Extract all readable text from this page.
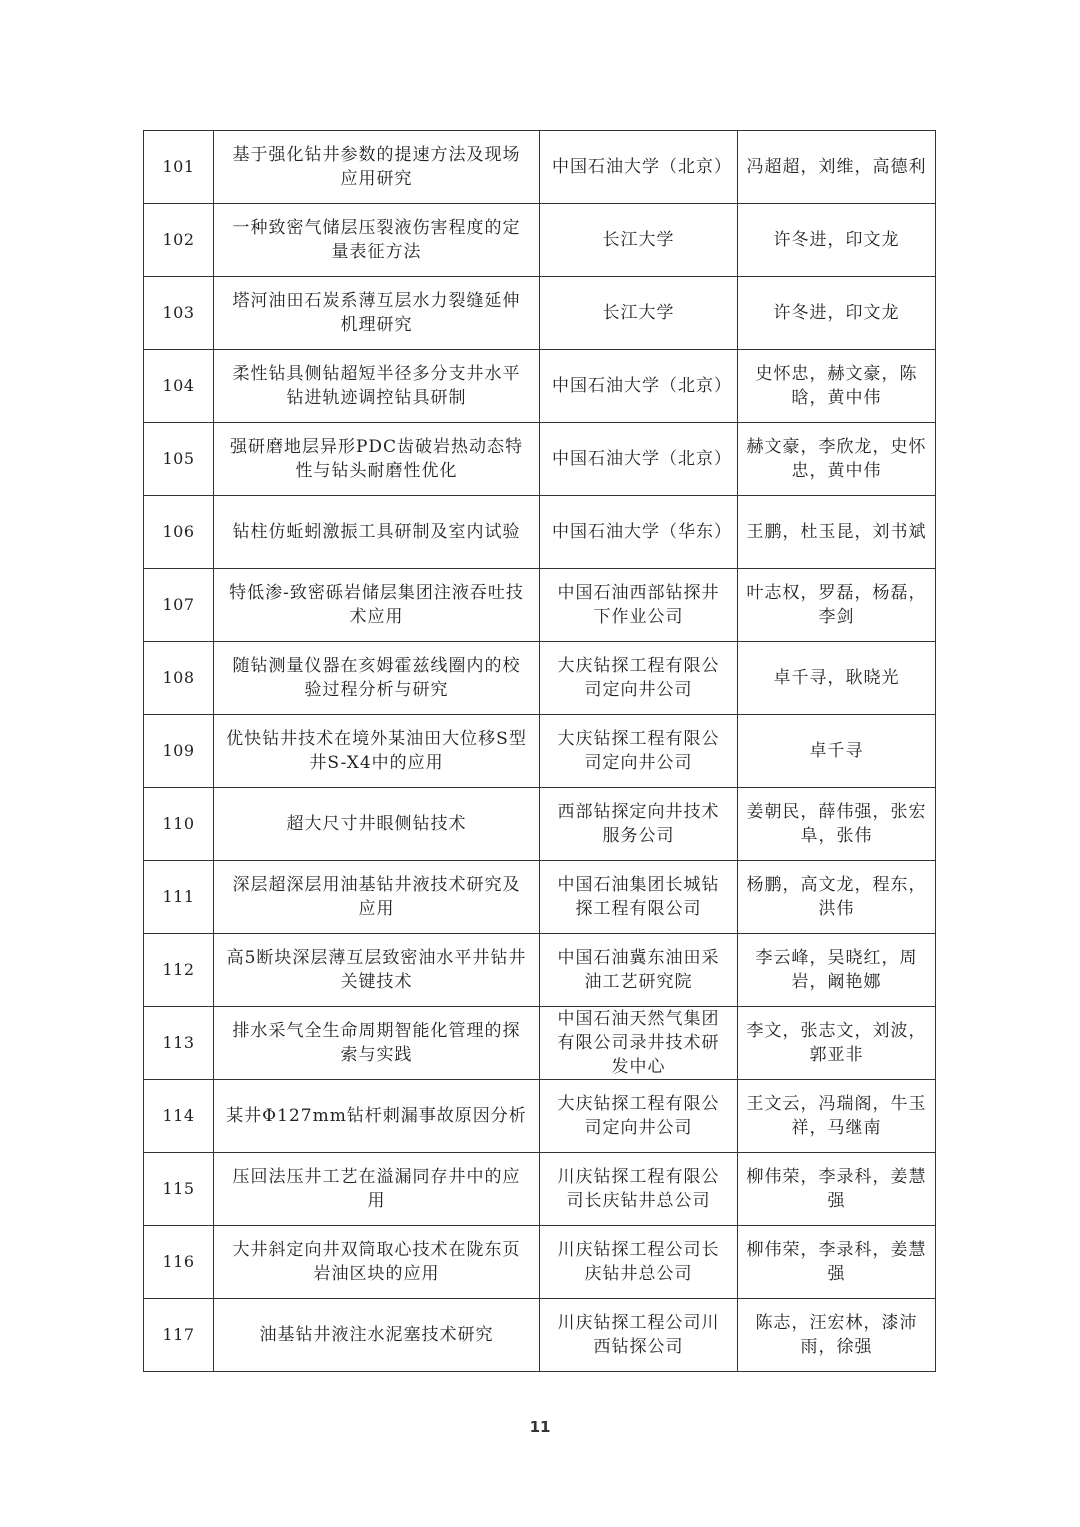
101	基于强化钻井参数的提速方法及现场应用研究	中国石油大学（北京）	冯超超，刘维，高德利
102	一种致密气储层压裂液伤害程度的定量表征方法	长江大学	许冬进，印文龙
103	塔河油田石炭系薄互层水力裂缝延伸机理研究	长江大学	许冬进，印文龙
104	柔性钻具侧钻超短半径多分支井水平钻进轨迹调控钻具研制	中国石油大学（北京）	史怀忠，赫文豪，陈晗，黄中伟
105	强研磨地层异形PDC齿破岩热动态特性与钻头耐磨性优化	中国石油大学（北京）	赫文豪，李欣龙，史怀忠，黄中伟
106	钻柱仿蚯蚓激振工具研制及室内试验	中国石油大学（华东）	王鹏，杜玉昆，刘书斌
107	特低渗-致密砾岩储层集团注液吞吐技术应用	中国石油西部钻探井下作业公司	叶志权，罗磊，杨磊，李剑
108	随钻测量仪器在亥姆霍兹线圈内的校验过程分析与研究	大庆钻探工程有限公司定向井公司	卓千寻，耿晓光
109	优快钻井技术在境外某油田大位移S型井S-X4中的应用	大庆钻探工程有限公司定向井公司	卓千寻
110	超大尺寸井眼侧钻技术	西部钻探定向井技术服务公司	姜朝民，薛伟强，张宏阜，张伟
111	深层超深层用油基钻井液技术研究及应用	中国石油集团长城钻探工程有限公司	杨鹏，高文龙，程东，洪伟
112	高5断块深层薄互层致密油水平井钻井关键技术	中国石油冀东油田采油工艺研究院	李云峰，吴晓红，周岩，阚艳娜
113	排水采气全生命周期智能化管理的探索与实践	中国石油天然气集团有限公司录井技术研发中心	李文，张志文，刘波，郭亚非
114	某井Φ127mm钻杆刺漏事故原因分析	大庆钻探工程有限公司定向井公司	王文云，冯瑞阁，牛玉祥，马继南
115	压回法压井工艺在溢漏同存井中的应用	川庆钻探工程有限公司长庆钻井总公司	柳伟荣，李录科，姜慧强
116	大井斜定向井双筒取心技术在陇东页岩油区块的应用	川庆钻探工程公司长庆钻井总公司	柳伟荣，李录科，姜慧强
117	油基钻井液注水泥塞技术研究	川庆钻探工程公司川西钻探公司	陈志，汪宏林，漆沛雨，徐强
11
